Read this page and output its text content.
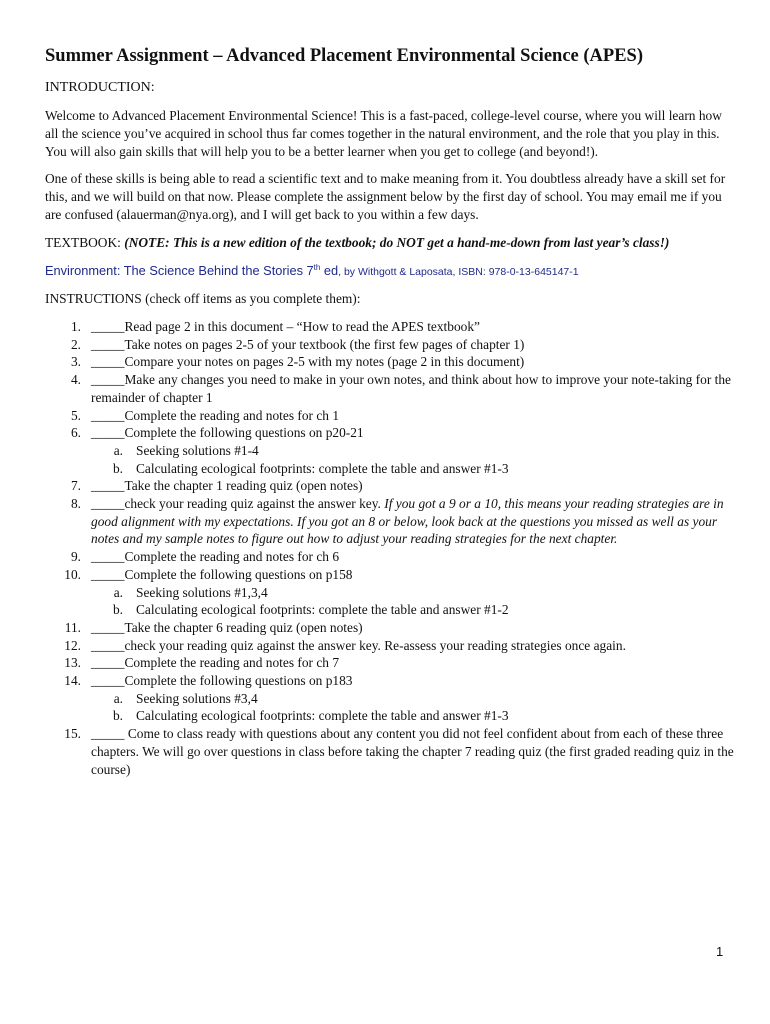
Summer Assignment – Advanced Placement Environmental Science (APES)
INTRODUCTION:
Welcome to Advanced Placement Environmental Science! This is a fast-paced, college-level course, where you will learn how all the science you’ve acquired in school thus far comes together in the natural environment, and the role that you play in this. You will also gain skills that will help you to be a better learner when you get to college (and beyond!).
One of these skills is being able to read a scientific text and to make meaning from it. You doubtless already have a skill set for this, and we will build on that now. Please complete the assignment below by the first day of school. You may email me if you are confused (alauerman@nya.org), and I will get back to you within a few days.
TEXTBOOK: (NOTE: This is a new edition of the textbook; do NOT get a hand-me-down from last year’s class!)
Environment: The Science Behind the Stories 7th ed, by Withgott & Laposata, ISBN: 978-0-13-645147-1
INSTRUCTIONS (check off items as you complete them):
1. _____Read page 2 in this document – “How to read the APES textbook”
2. _____Take notes on pages 2-5 of your textbook (the first few pages of chapter 1)
3. _____Compare your notes on pages 2-5 with my notes (page 2 in this document)
4. _____Make any changes you need to make in your own notes, and think about how to improve your note-taking for the remainder of chapter 1
5. _____Complete the reading and notes for ch 1
6. _____Complete the following questions on p20-21
a. Seeking solutions #1-4
b. Calculating ecological footprints: complete the table and answer #1-3
7. _____Take the chapter 1 reading quiz (open notes)
8. _____check your reading quiz against the answer key. If you got a 9 or a 10, this means your reading strategies are in good alignment with my expectations. If you got an 8 or below, look back at the questions you missed as well as your notes and my sample notes to figure out how to adjust your reading strategies for the next chapter.
9. _____Complete the reading and notes for ch 6
10. _____Complete the following questions on p158
a. Seeking solutions #1,3,4
b. Calculating ecological footprints: complete the table and answer #1-2
11. _____Take the chapter 6 reading quiz (open notes)
12. _____check your reading quiz against the answer key. Re-assess your reading strategies once again.
13. _____Complete the reading and notes for ch 7
14. _____Complete the following questions on p183
a. Seeking solutions #3,4
b. Calculating ecological footprints: complete the table and answer #1-3
15. _____ Come to class ready with questions about any content you did not feel confident about from each of these three chapters. We will go over questions in class before taking the chapter 7 reading quiz (the first graded reading quiz in the course)
1
